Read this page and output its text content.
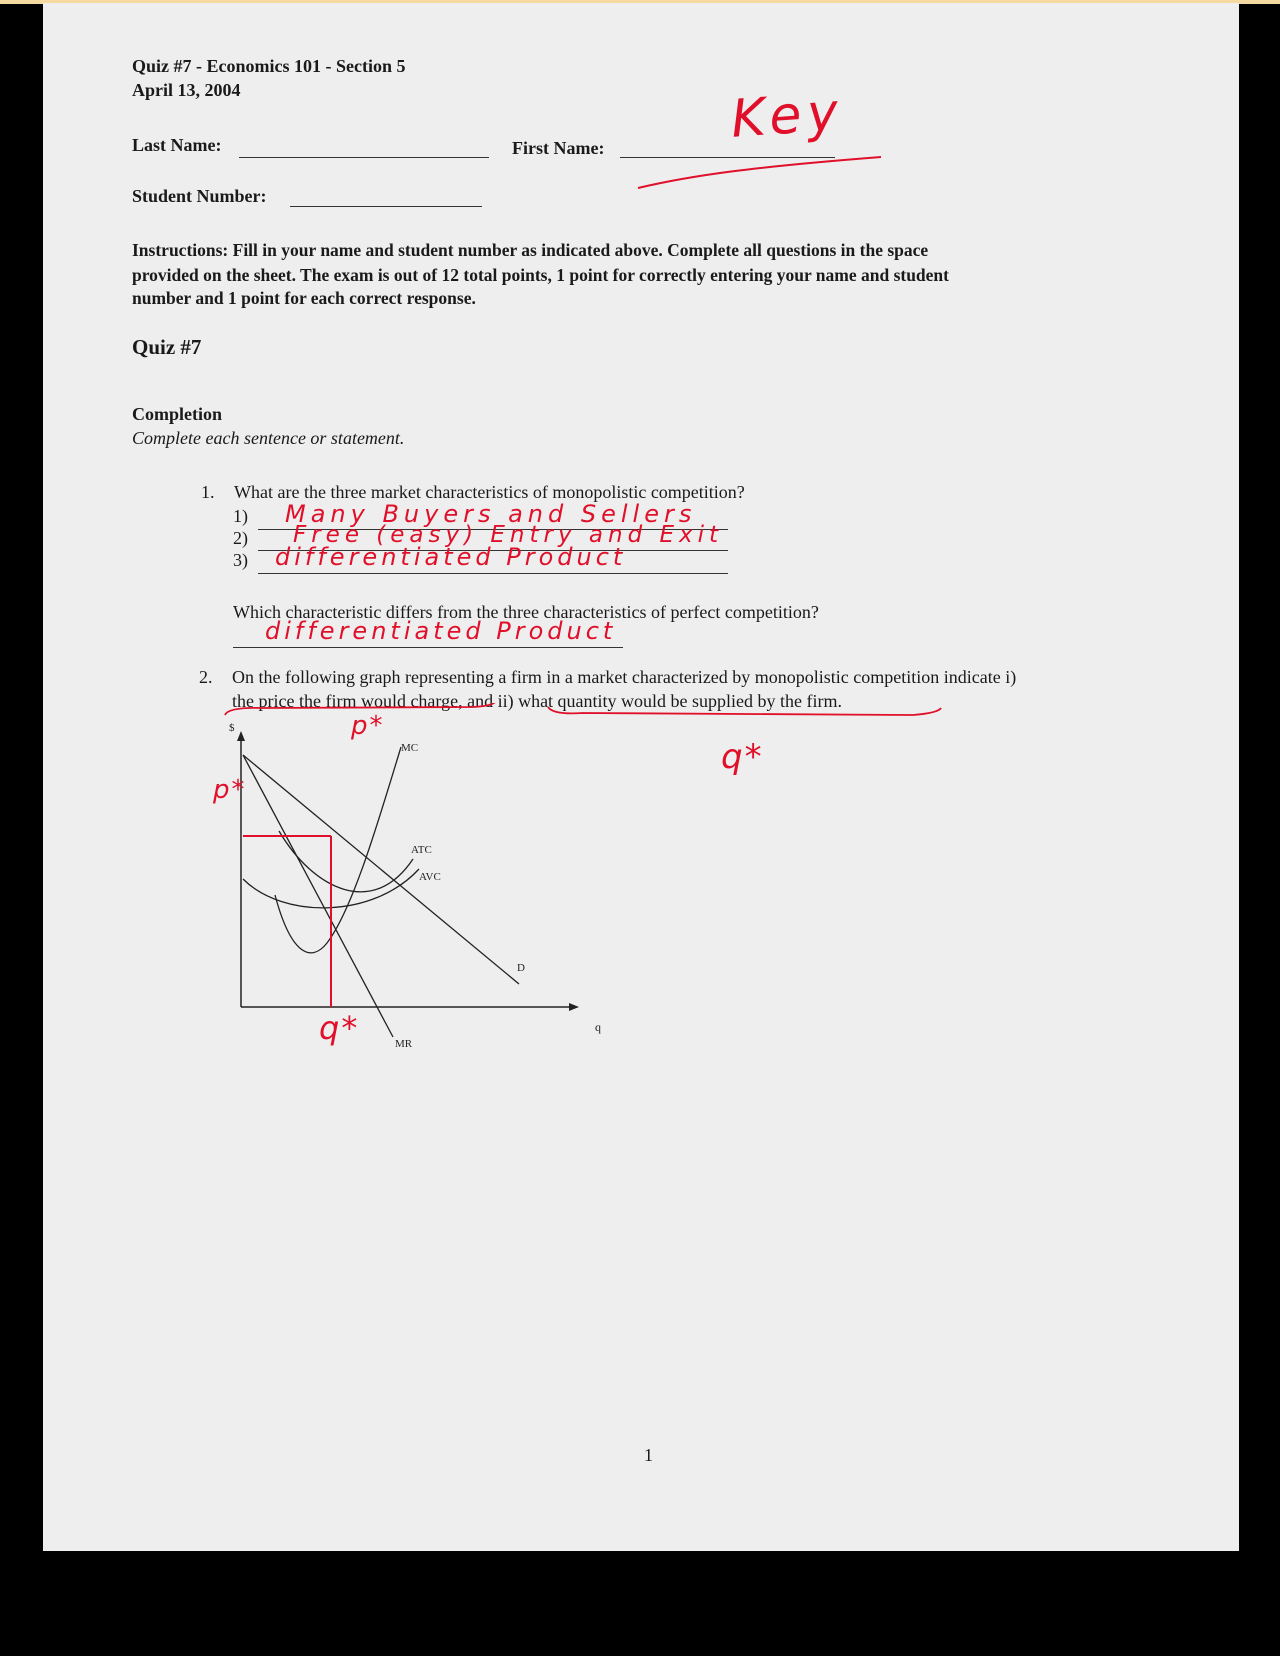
Quiz #7 - Economics 101 - Section 5
April 13, 2004
Last Name:	First Name:
Student Number:
Key
Instructions: Fill in your name and student number as indicated above. Complete all questions in the space
provided on the sheet. The exam is out of 12 total points, 1 point for correctly entering your name and student
number and 1 point for each correct response.
Quiz #7
Completion
Complete each sentence or statement.
1. What are the three market characteristics of monopolistic competition?
1) Many Buyers and Sellers
2) Free (easy) Entry and Exit
3) differentiated Product
Which characteristic differs from the three characteristics of perfect competition?
differentiated Product
2. On the following graph representing a firm in a market characterized by monopolistic competition indicate i)
the price the firm would charge, and ii) what quantity would be supplied by the firm.
p*
q*
$
q
D
MR
MC
ATC
AVC
p*
q*
1
